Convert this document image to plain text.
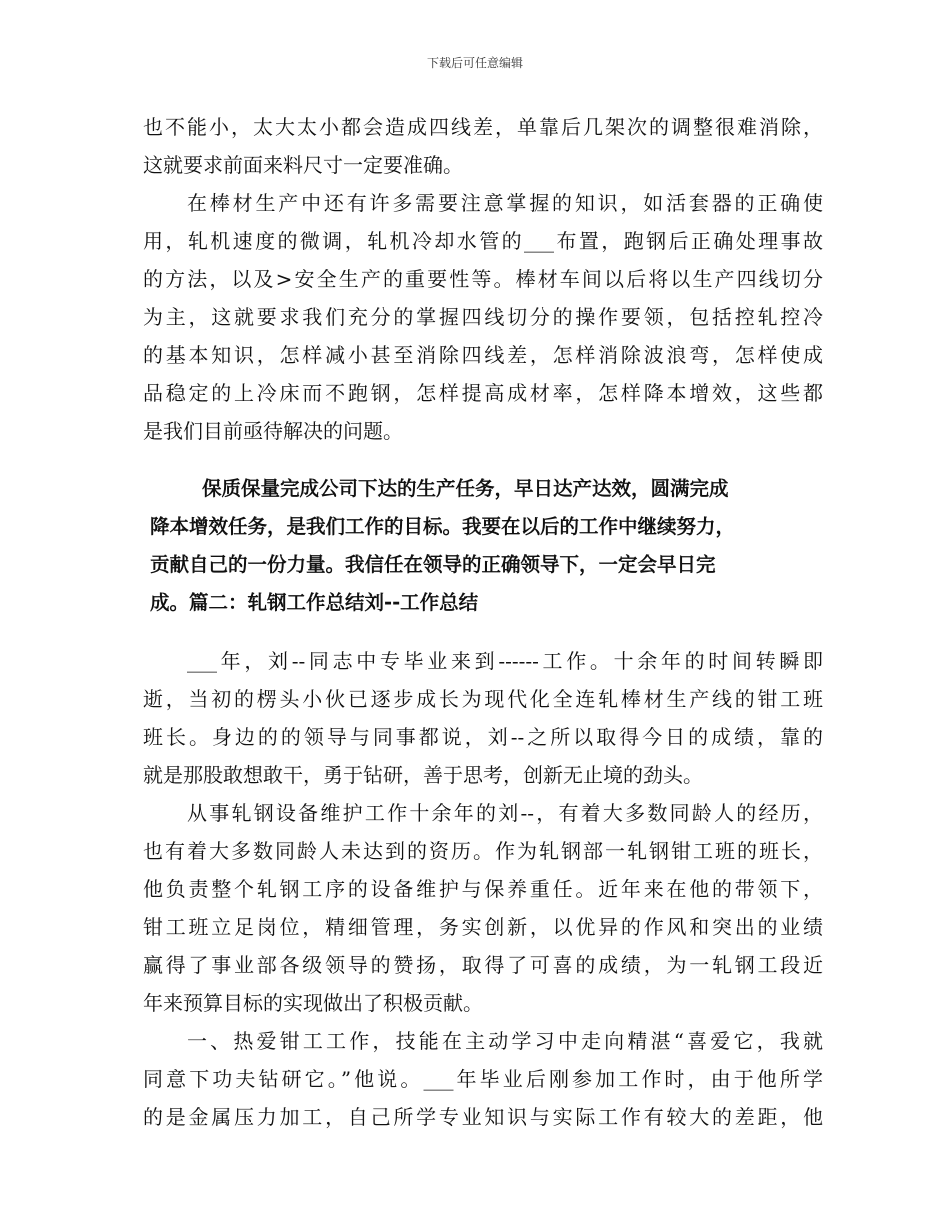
下载后可任意编辑
也不能小，太大太小都会造成四线差，单靠后几架次的调整很难消除，
这就要求前面来料尺寸一定要准确。
在棒材生产中还有许多需要注意掌握的知识，如活套器的正确使
用，轧机速度的微调，轧机冷却水管的___布置，跑钢后正确处理事故
的方法，以及>安全生产的重要性等。棒材车间以后将以生产四线切分
为主，这就要求我们充分的掌握四线切分的操作要领，包括控轧控冷
的基本知识，怎样减小甚至消除四线差，怎样消除波浪弯，怎样使成
品稳定的上冷床而不跑钢，怎样提高成材率，怎样降本增效，这些都
是我们目前亟待解决的问题。
保质保量完成公司下达的生产任务，早日达产达效，圆满完成
降本增效任务，是我们工作的目标。我要在以后的工作中继续努力，
贡献自己的一份力量。我信任在领导的正确领导下，一定会早日完
成。篇二：轧钢工作总结刘--工作总结
___年，刘--同志中专毕业来到------工作。十余年的时间转瞬即
逝，当初的楞头小伙已逐步成长为现代化全连轧棒材生产线的钳工班
班长。身边的的领导与同事都说，刘--之所以取得今日的成绩，靠的
就是那股敢想敢干，勇于钻研，善于思考，创新无止境的劲头。
从事轧钢设备维护工作十余年的刘--，有着大多数同龄人的经历，
也有着大多数同龄人未达到的资历。作为轧钢部一轧钢钳工班的班长，
他负责整个轧钢工序的设备维护与保养重任。近年来在他的带领下，
钳工班立足岗位，精细管理，务实创新，以优异的作风和突出的业绩
赢得了事业部各级领导的赞扬，取得了可喜的成绩，为一轧钢工段近
年来预算目标的实现做出了积极贡献。
一、热爱钳工工作，技能在主动学习中走向精湛“喜爱它，我就
同意下功夫钻研它。”他说。___年毕业后刚参加工作时，由于他所学
的是金属压力加工，自己所学专业知识与实际工作有较大的差距，他
